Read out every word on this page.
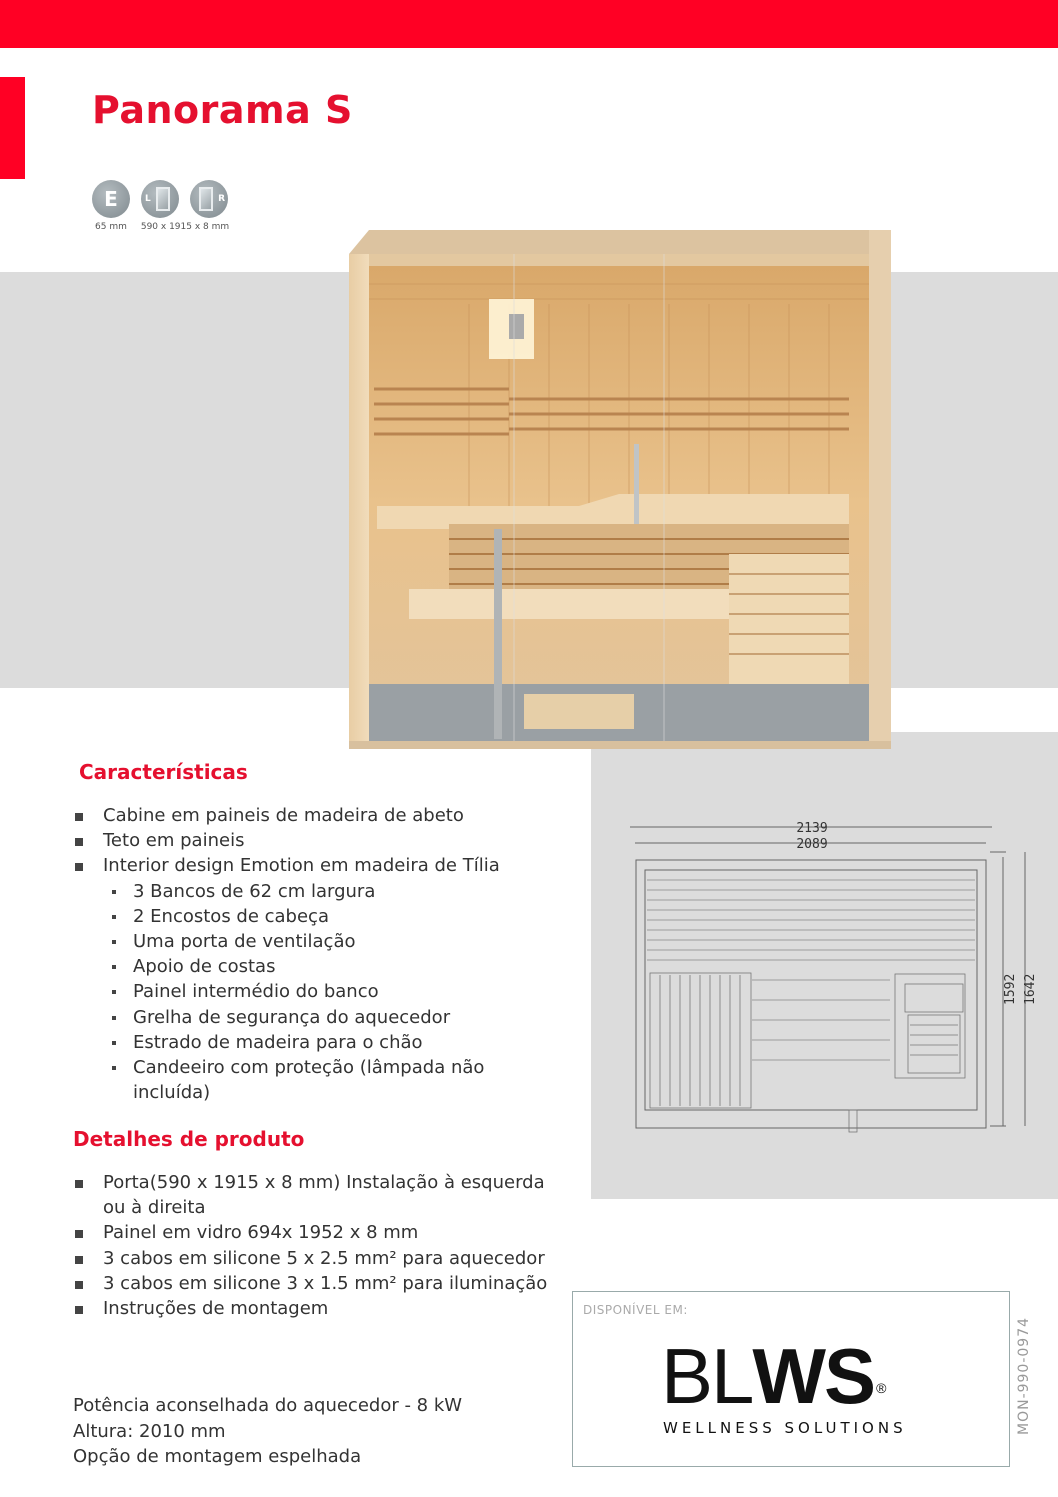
Panorama S
E	L	R
65 mm 590 x 1915 x 8 mm
Características
Cabine em paineis de madeira de abeto
Teto em paineis
Interior design Emotion em madeira de Tília
3 Bancos de 62 cm largura
2 Encostos de cabeça
Uma porta de ventilação
Apoio de costas
Painel intermédio do banco
Grelha de segurança do aquecedor
Estrado de madeira para o chão
Candeeiro com proteção (lâmpada não incluída)
Detalhes de produto
Porta(590 x 1915 x 8 mm) Instalação à esquerda ou à direita
Painel em vidro 694x 1952 x 8 mm
3 cabos em silicone 5 x 2.5 mm² para aquecedor
3 cabos em silicone 3 x 1.5 mm² para iluminação
Instruções de montagem
Potência aconselhada do aquecedor - 8 kW
Altura: 2010 mm
Opção de montagem espelhada
2139
2089
1592 1642
DISPONÍVEL EM:
BLWS ®
WELLNESS SOLUTIONS	MON-990-0974
